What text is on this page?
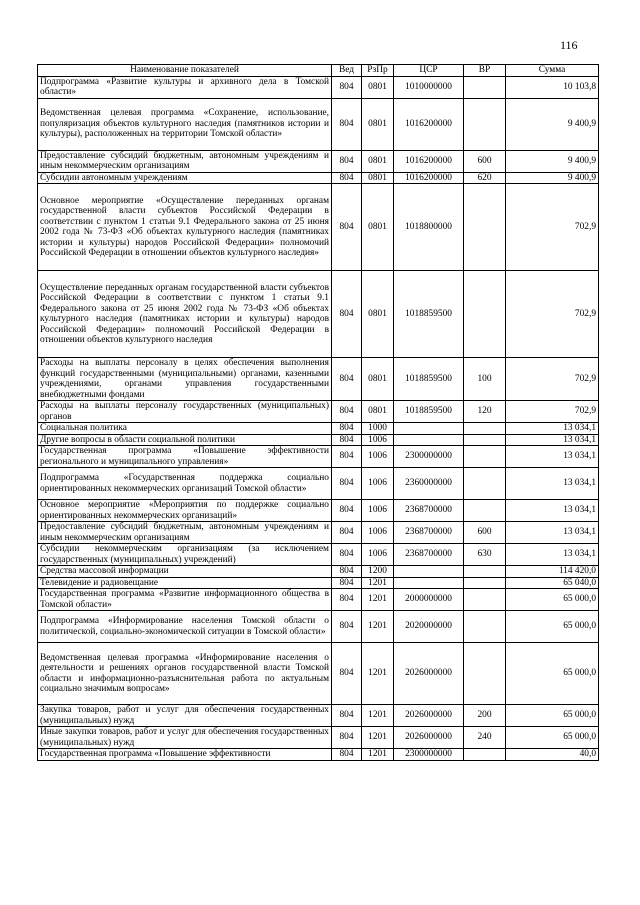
116
Наименование показателей	Вед	РзПр	ЦСР	ВР	Сумма
Подпрограмма «Развитие культуры и архивного дела в Томской области»	804	0801	1010000000		10 103,8
Ведомственная целевая программа «Сохранение, использование, популяризация объектов культурного наследия (памятников истории и культуры), расположенных на территории Томской области»	804	0801	1016200000		9 400,9
Предоставление субсидий бюджетным, автономным учреждениям и иным некоммерческим организациям	804	0801	1016200000	600	9 400,9
Субсидии автономным учреждениям	804	0801	1016200000	620	9 400,9
Основное мероприятие «Осуществление переданных органам государственной власти субъектов Российской Федерации в соответствии с пунктом 1 статьи 9.1 Федерального закона от 25 июня 2002 года № 73-ФЗ «Об объектах культурного наследия (памятниках истории и культуры) народов Российской Федерации» полномочий Российской Федерации в отношении объектов культурного наследия»	804	0801	1018800000		702,9
Осуществление переданных органам государственной власти субъектов Российской Федерации в соответствии с пунктом 1 статьи 9.1 Федерального закона от 25 июня 2002 года № 73-ФЗ «Об объектах культурного наследия (памятниках истории и культуры) народов Российской Федерации» полномочий Российской Федерации в отношении объектов культурного наследия	804	0801	1018859500		702,9
Расходы на выплаты персоналу в целях обеспечения выполнения функций государственными (муниципальными) органами, казенными учреждениями, органами управления государственными внебюджетными фондами	804	0801	1018859500	100	702,9
Расходы на выплаты персоналу государственных (муниципальных) органов	804	0801	1018859500	120	702,9
Социальная политика	804	1000			13 034,1
Другие вопросы в области социальной политики	804	1006			13 034,1
Государственная программа «Повышение эффективности регионального и муниципального управления»	804	1006	2300000000		13 034,1
Подпрограмма «Государственная поддержка социально ориентированных некоммерческих организаций Томской области»	804	1006	2360000000		13 034,1
Основное мероприятие «Мероприятия по поддержке социально ориентированных некоммерческих организаций»	804	1006	2368700000		13 034,1
Предоставление субсидий бюджетным, автономным учреждениям и иным некоммерческим организациям	804	1006	2368700000	600	13 034,1
Субсидии некоммерческим организациям (за исключением государственных (муниципальных) учреждений)	804	1006	2368700000	630	13 034,1
Средства массовой информации	804	1200			114 420,0
Телевидение и радиовещание	804	1201			65 040,0
Государственная программа «Развитие информационного общества в Томской области»	804	1201	2000000000		65 000,0
Подпрограмма «Информирование населения Томской области о политической, социально-экономической ситуации в Томской области»	804	1201	2020000000		65 000,0
Ведомственная целевая программа «Информирование населения о деятельности и решениях органов государственной власти Томской области и информационно-разъяснительная работа по актуальным социально значимым вопросам»	804	1201	2026000000		65 000,0
Закупка товаров, работ и услуг для обеспечения государственных (муниципальных) нужд	804	1201	2026000000	200	65 000,0
Иные закупки товаров, работ и услуг для обеспечения государственных (муниципальных) нужд	804	1201	2026000000	240	65 000,0
Государственная программа «Повышение эффективности	804	1201	2300000000		40,0
